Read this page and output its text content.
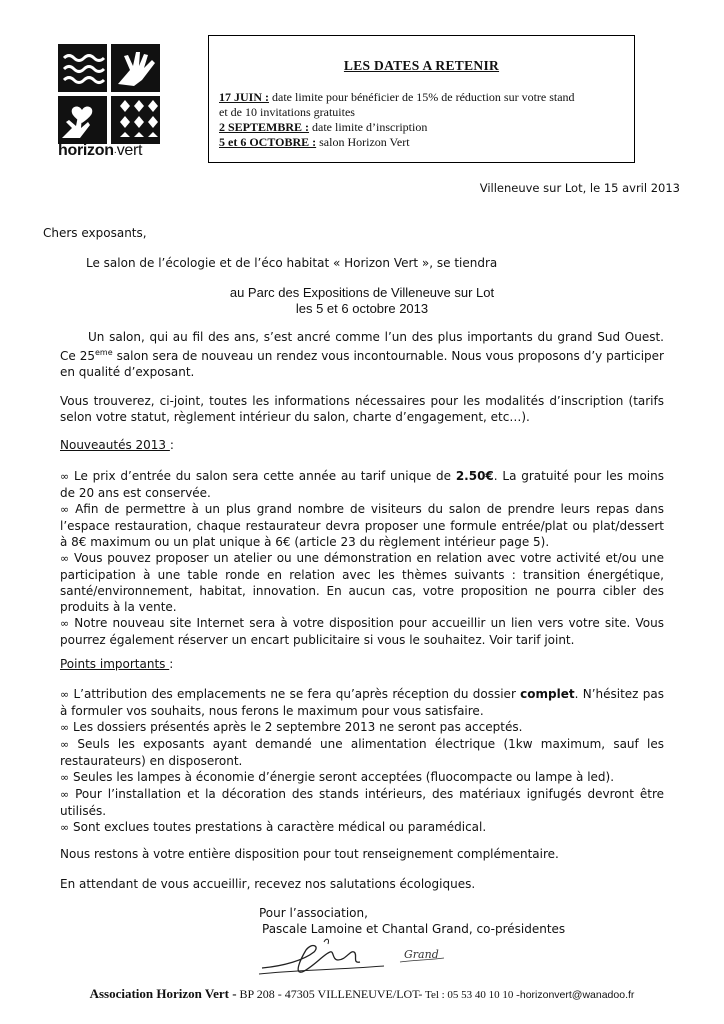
horizon·vert
LES DATES A RETENIR
17 JUIN : date limite pour bénéficier de 15% de réduction sur votre stand
et de 10 invitations gratuites
2 SEPTEMBRE : date limite d’inscription
5 et 6 OCTOBRE : salon Horizon Vert
Villeneuve sur Lot, le 15 avril 2013
Chers exposants,
Le salon de l’écologie et de l’éco habitat « Horizon Vert », se tiendra
au Parc des Expositions de Villeneuve sur Lot
les 5 et 6 octobre 2013
Un salon, qui au fil des ans, s’est ancré comme l’un des plus importants du grand Sud Ouest. Ce 25eme salon sera de nouveau un rendez vous incontournable. Nous vous proposons d’y participer en qualité d’exposant.
Vous trouverez, ci-joint, toutes les informations nécessaires pour les modalités d’inscription (tarifs selon votre statut, règlement intérieur du salon, charte d’engagement, etc…).
Nouveautés 2013 :

∞ Le prix d’entrée du salon sera cette année au tarif unique de 2.50€. La gratuité pour les moins de 20 ans est conservée.

∞ Afin de permettre à un plus grand nombre de visiteurs du salon de prendre leurs repas dans l’espace restauration, chaque restaurateur devra proposer une formule entrée/plat ou plat/dessert à 8€ maximum ou un plat unique à 6€ (article 23 du règlement intérieur page 5).

∞ Vous pouvez proposer un atelier ou une démonstration en relation avec votre activité et/ou une participation à une table ronde en relation avec les thèmes suivants : transition énergétique, santé/environnement, habitat, innovation. En aucun cas, votre proposition ne pourra cibler des produits à la vente.

∞ Notre nouveau site Internet sera à votre disposition pour accueillir un lien vers votre site. Vous pourrez également réserver un encart publicitaire si vous le souhaitez. Voir tarif joint.

Points importants :

∞ L’attribution des emplacements ne se fera qu’après réception du dossier complet. N’hésitez pas à formuler vos souhaits, nous ferons le maximum pour vous satisfaire.

∞ Les dossiers présentés après le 2 septembre 2013 ne seront pas acceptés.

∞ Seuls les exposants ayant demandé une alimentation électrique (1kw maximum, sauf les restaurateurs) en disposeront.

∞ Seules les lampes à économie d’énergie seront acceptées (fluocompacte ou lampe à led).

∞ Pour l’installation et la décoration des stands intérieurs, des matériaux ignifugés devront être utilisés.

∞ Sont exclues toutes prestations à caractère médical ou paramédical.

Nous restons à votre entière disposition pour tout renseignement complémentaire.
En attendant de vous accueillir, recevez nos salutations écologiques.
Pour l’association,
Pascale Lamoine et Chantal Grand, co-présidentes
Grand
Association Horizon Vert - BP 208 - 47305 VILLENEUVE/LOT- Tel : 05 53 40 10 10 -horizonvert@wanadoo.fr
